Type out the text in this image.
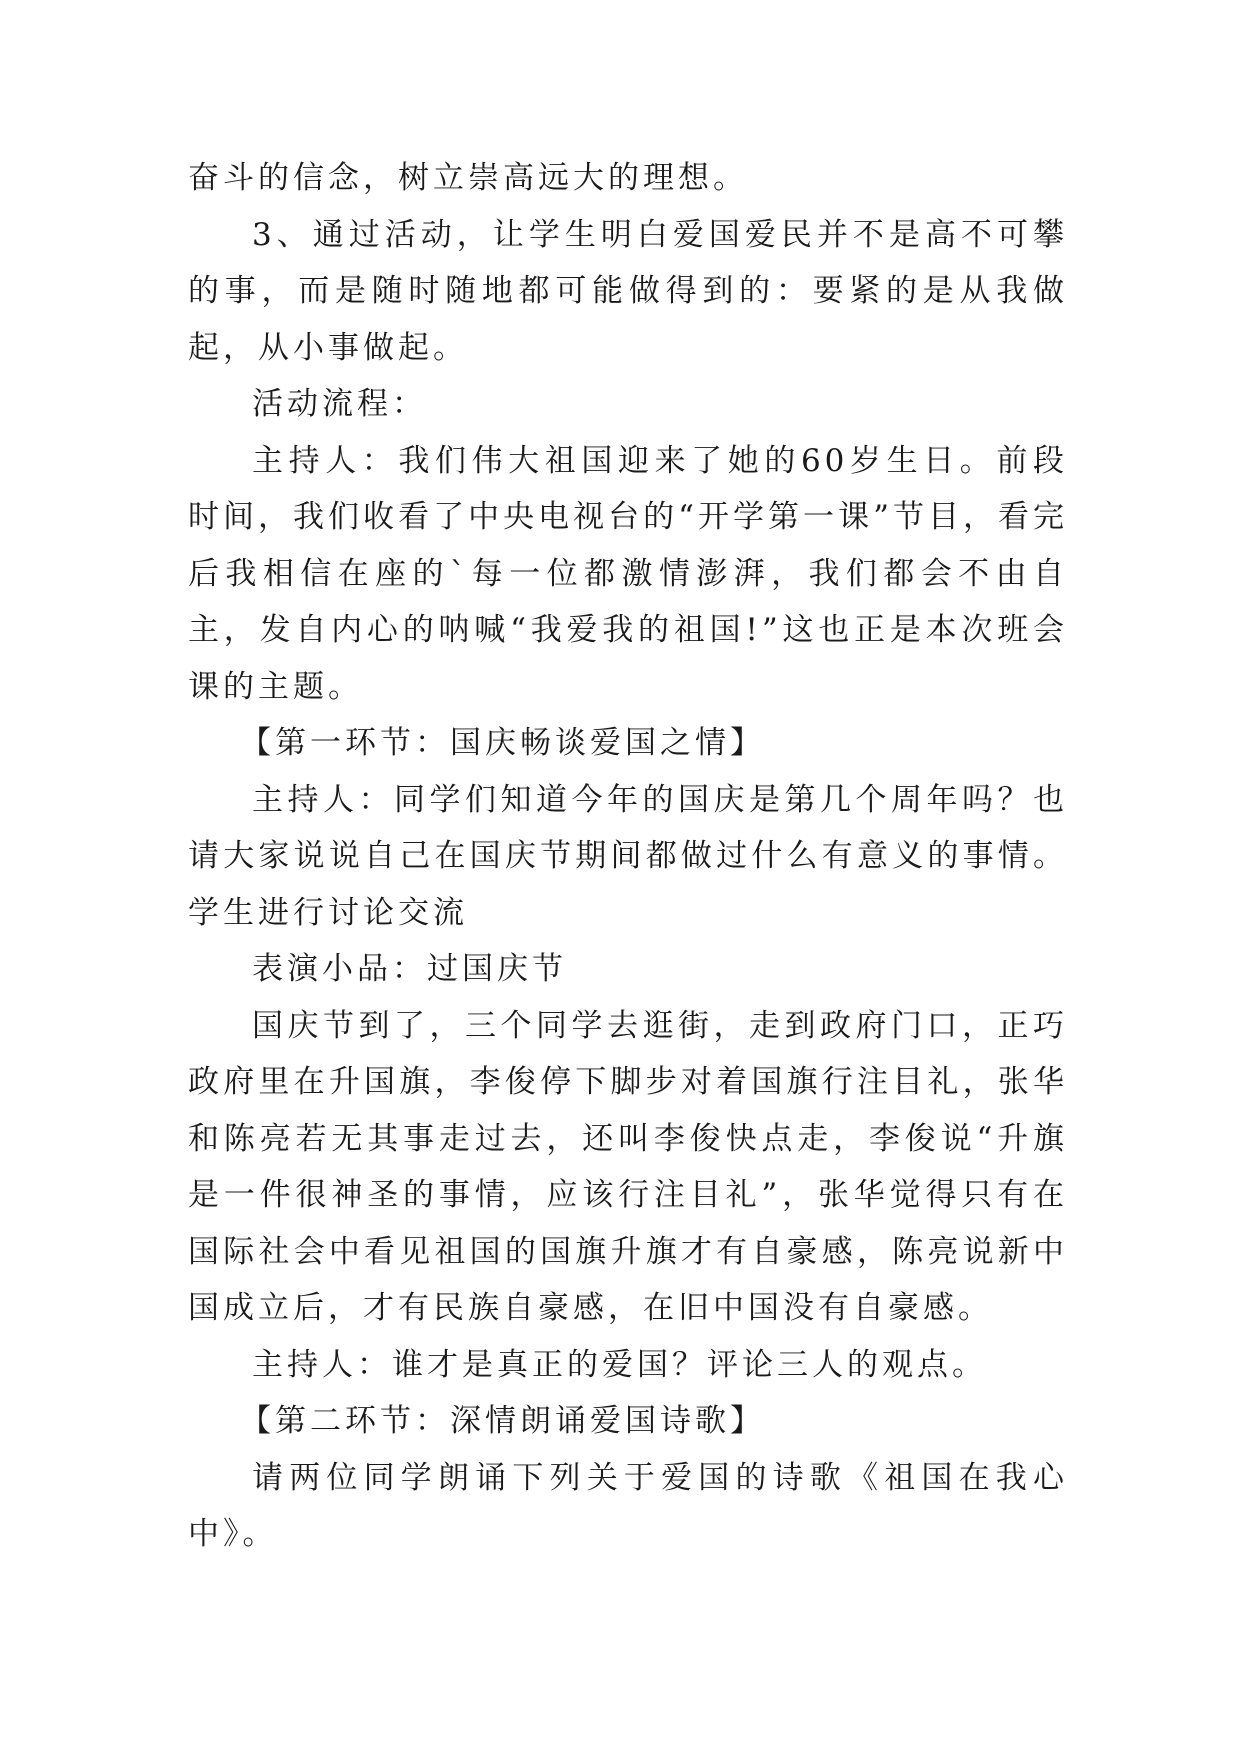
奋斗的信念，树立崇高远大的理想。

3、通过活动，让学生明白爱国爱民并不是高不可攀的事，而是随时随地都可能做得到的：要紧的是从我做起，从小事做起。

活动流程：

主持人：我们伟大祖国迎来了她的60岁生日。前段时间，我们收看了中央电视台的“开学第一课”节目，看完后我相信在座的`每一位都激情澎湃，我们都会不由自主，发自内心的呐喊“我爱我的祖国!”这也正是本次班会课的主题。

【第一环节：国庆畅谈爱国之情】

主持人：同学们知道今年的国庆是第几个周年吗？也请大家说说自己在国庆节期间都做过什么有意义的事情。学生进行讨论交流

表演小品：过国庆节

国庆节到了，三个同学去逛街，走到政府门口，正巧政府里在升国旗，李俊停下脚步对着国旗行注目礼，张华和陈亮若无其事走过去，还叫李俊快点走，李俊说“升旗是一件很神圣的事情，应该行注目礼”，张华觉得只有在国际社会中看见祖国的国旗升旗才有自豪感，陈亮说新中国成立后，才有民族自豪感，在旧中国没有自豪感。

主持人：谁才是真正的爱国？评论三人的观点。

【第二环节：深情朗诵爱国诗歌】

请两位同学朗诵下列关于爱国的诗歌《祖国在我心中》。
